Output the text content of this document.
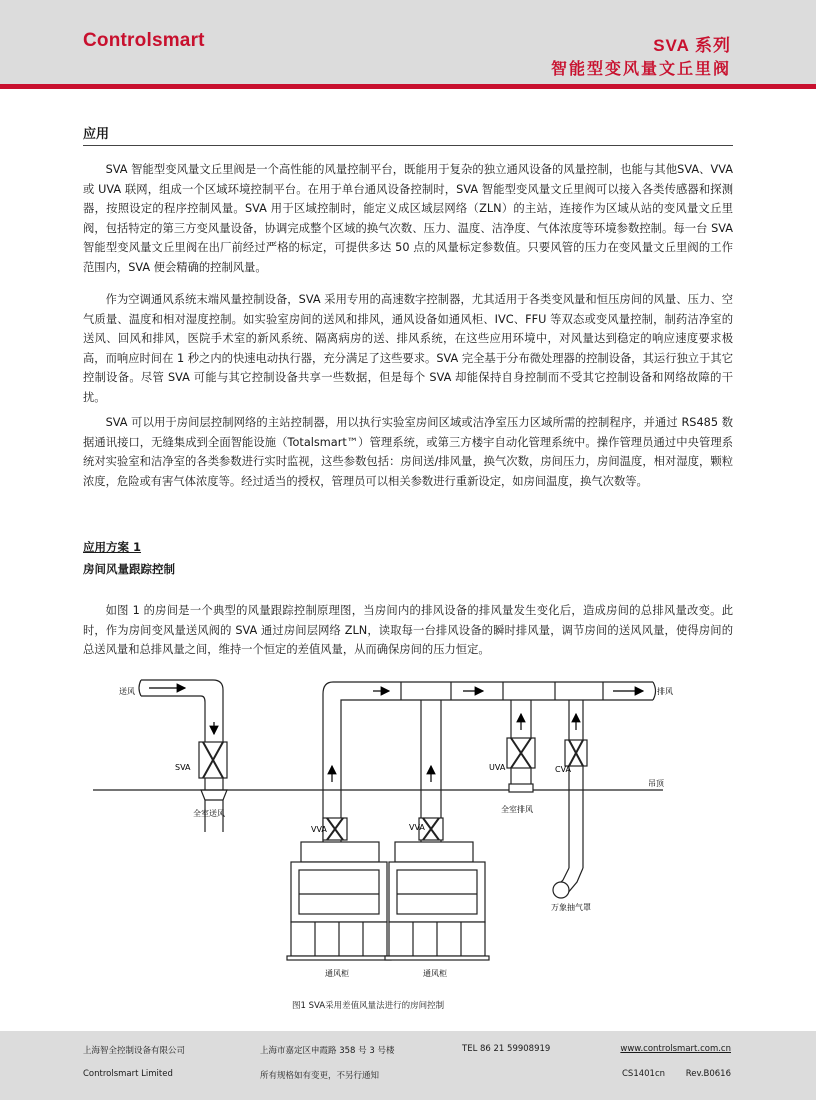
Controlsmart	SVA 系列
智能型变风量文丘里阀
应用

SVA 智能型变风量文丘里阀是一个高性能的风量控制平台，既能用于复杂的独立通风设备的风量控制，也能与其他SVA、VVA 或 UVA 联网，组成一个区域环境控制平台。在用于单台通风设备控制时，SVA 智能型变风量文丘里阀可以接入各类传感器和探测器，按照设定的程序控制风量。SVA 用于区域控制时，能定义成区域层网络（ZLN）的主站，连接作为区域从站的变风量文丘里阀，包括特定的第三方变风量设备，协调完成整个区域的换气次数、压力、温度、洁净度、气体浓度等环境参数控制。每一台 SVA 智能型变风量文丘里阀在出厂前经过严格的标定，可提供多达 50 点的风量标定参数值。只要风管的压力在变风量文丘里阀的工作范围内，SVA 便会精确的控制风量。

作为空调通风系统末端风量控制设备，SVA 采用专用的高速数字控制器，尤其适用于各类变风量和恒压房间的风量、压力、空气质量、温度和相对湿度控制。如实验室房间的送风和排风，通风设备如通风柜、IVC、FFU 等双态或变风量控制，制药洁净室的送风、回风和排风，医院手术室的新风系统、隔离病房的送、排风系统，在这些应用环境中，对风量达到稳定的响应速度要求极高，而响应时间在 1 秒之内的快速电动执行器，充分满足了这些要求。SVA 完全基于分布微处理器的控制设备，其运行独立于其它控制设备。尽管 SVA 可能与其它控制设备共享一些数据，但是每个 SVA 却能保持自身控制而不受其它控制设备和网络故障的干扰。

SVA 可以用于房间层控制网络的主站控制器，用以执行实验室房间区域或洁净室压力区域所需的控制程序，并通过 RS485 数据通讯接口，无缝集成到全面智能设施（Totalsmart™）管理系统，或第三方楼宇自动化管理系统中。操作管理员通过中央管理系统对实验室和洁净室的各类参数进行实时监视，这些参数包括：房间送/排风量，换气次数，房间压力，房间温度，相对湿度，颗粒浓度，危险或有害气体浓度等。经过适当的授权，管理员可以相关参数进行重新设定，如房间温度，换气次数等。

应用方案 1
房间风量跟踪控制

如图 1 的房间是一个典型的风量跟踪控制原理图，当房间内的排风设备的排风量发生变化后，造成房间的总排风量改变。此时，作为房间变风量送风阀的 SVA 通过房间层网络 ZLN，读取每一台排风设备的瞬时排风量，调节房间的送风风量，使得房间的总送风量和总排风量之间，维持一个恒定的差值风量，从而确保房间的压力恒定。

送风	排风
SVA	UVA	CVA
吊顶
全室送风	全室排风
VVA	VVA
通风柜	通风柜
万象抽气罩
图1 SVA采用差值风量法进行的房间控制
上海智全控制设备有限公司	上海市嘉定区申霞路 358 号 3 号楼	TEL 86 21 59908919	www.controlsmart.com.cn
Controlsmart Limited	所有规格如有变更，不另行通知	CS1401cn Rev.B0616
